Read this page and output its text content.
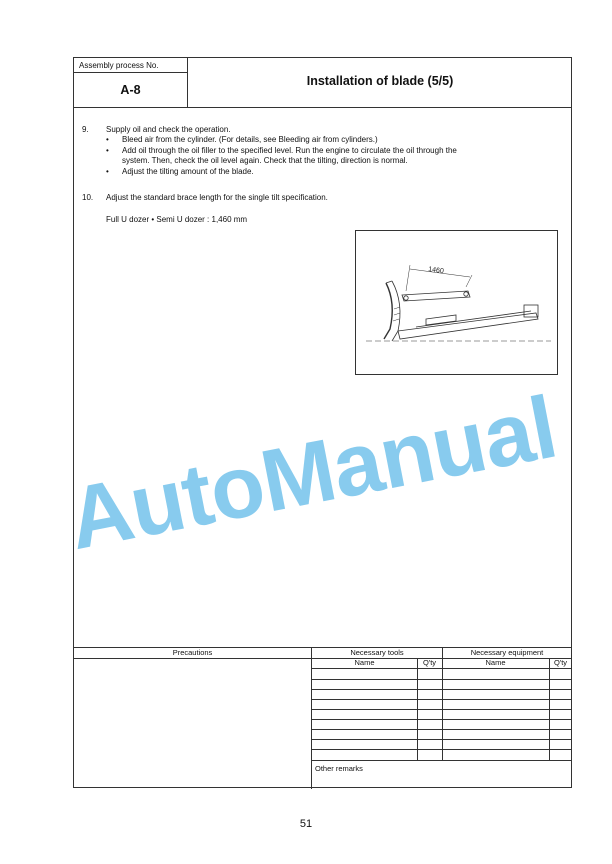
Assembly process No.
A-8
Installation of blade (5/5)
9.	Supply oil and check the operation.
• Bleed air from the cylinder. (For details, see Bleeding air from cylinders.)
• Add oil through the oil filler to the specified level. Run the engine to circulate the oil through the
system. Then, check the oil level again. Check that the tilting, direction is normal.
• Adjust the tilting amount of the blade.
10.	Adjust the standard brace length for the single tilt specification.
Full U dozer • Semi U dozer : 1,460 mm
1460
Precautions	Necessary tools	Necessary equipment
Name	Q'ty	Name	Q'ty
Other remarks
AutoManual
51
